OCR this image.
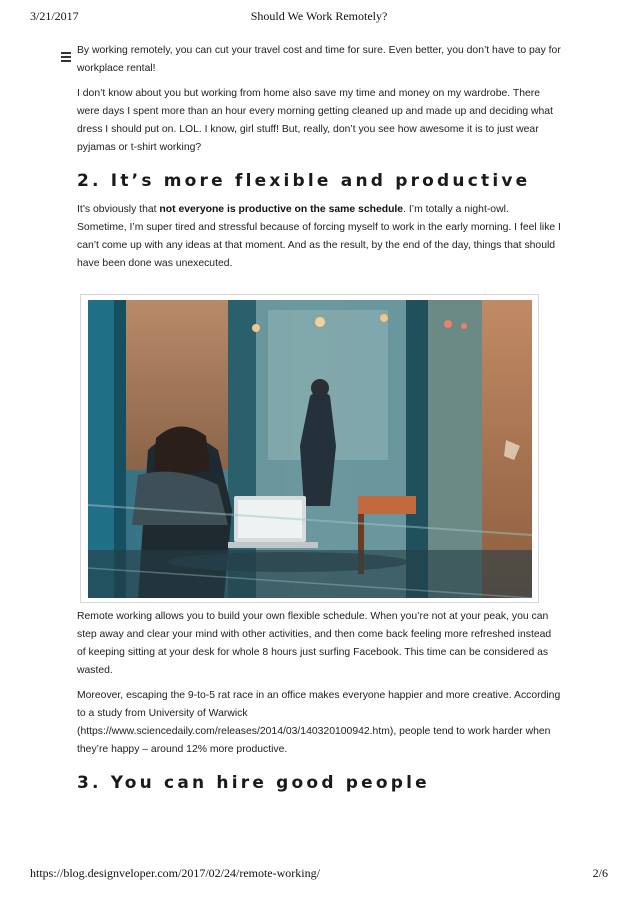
3/21/2017	Should We Work Remotely?

By working remotely, you can cut your travel cost and time for sure. Even better, you don’t have to pay for workplace rental!

I don’t know about you but working from home also save my time and money on my wardrobe. There were days I spent more than an hour every morning getting cleaned up and made up and deciding what dress I should put on. LOL. I know, girl stuff! But, really, don’t you see how awesome it is to just wear pyjamas or t-shirt working?

2. It’s more flexible and productive

It’s obviously that not everyone is productive on the same schedule. I’m totally a night-owl. Sometime, I’m super tired and stressful because of forcing myself to work in the early morning. I feel like I can’t come up with any ideas at that moment. And as the result, by the end of the day, things that should have been done was unexecuted.

Remote working allows you to build your own flexible schedule. When you’re not at your peak, you can step away and clear your mind with other activities, and then come back feeling more refreshed instead of keeping sitting at your desk for whole 8 hours just surfing Facebook. This time can be considered as wasted.

Moreover, escaping the 9-to-5 rat race in an office makes everyone happier and more creative. According to a study from University of Warwick (https://www.sciencedaily.com/releases/2014/03/140320100942.htm), people tend to work harder when they’re happy – around 12% more productive.

3. You can hire good people
https://blog.designveloper.com/2017/02/24/remote-working/	2/6
